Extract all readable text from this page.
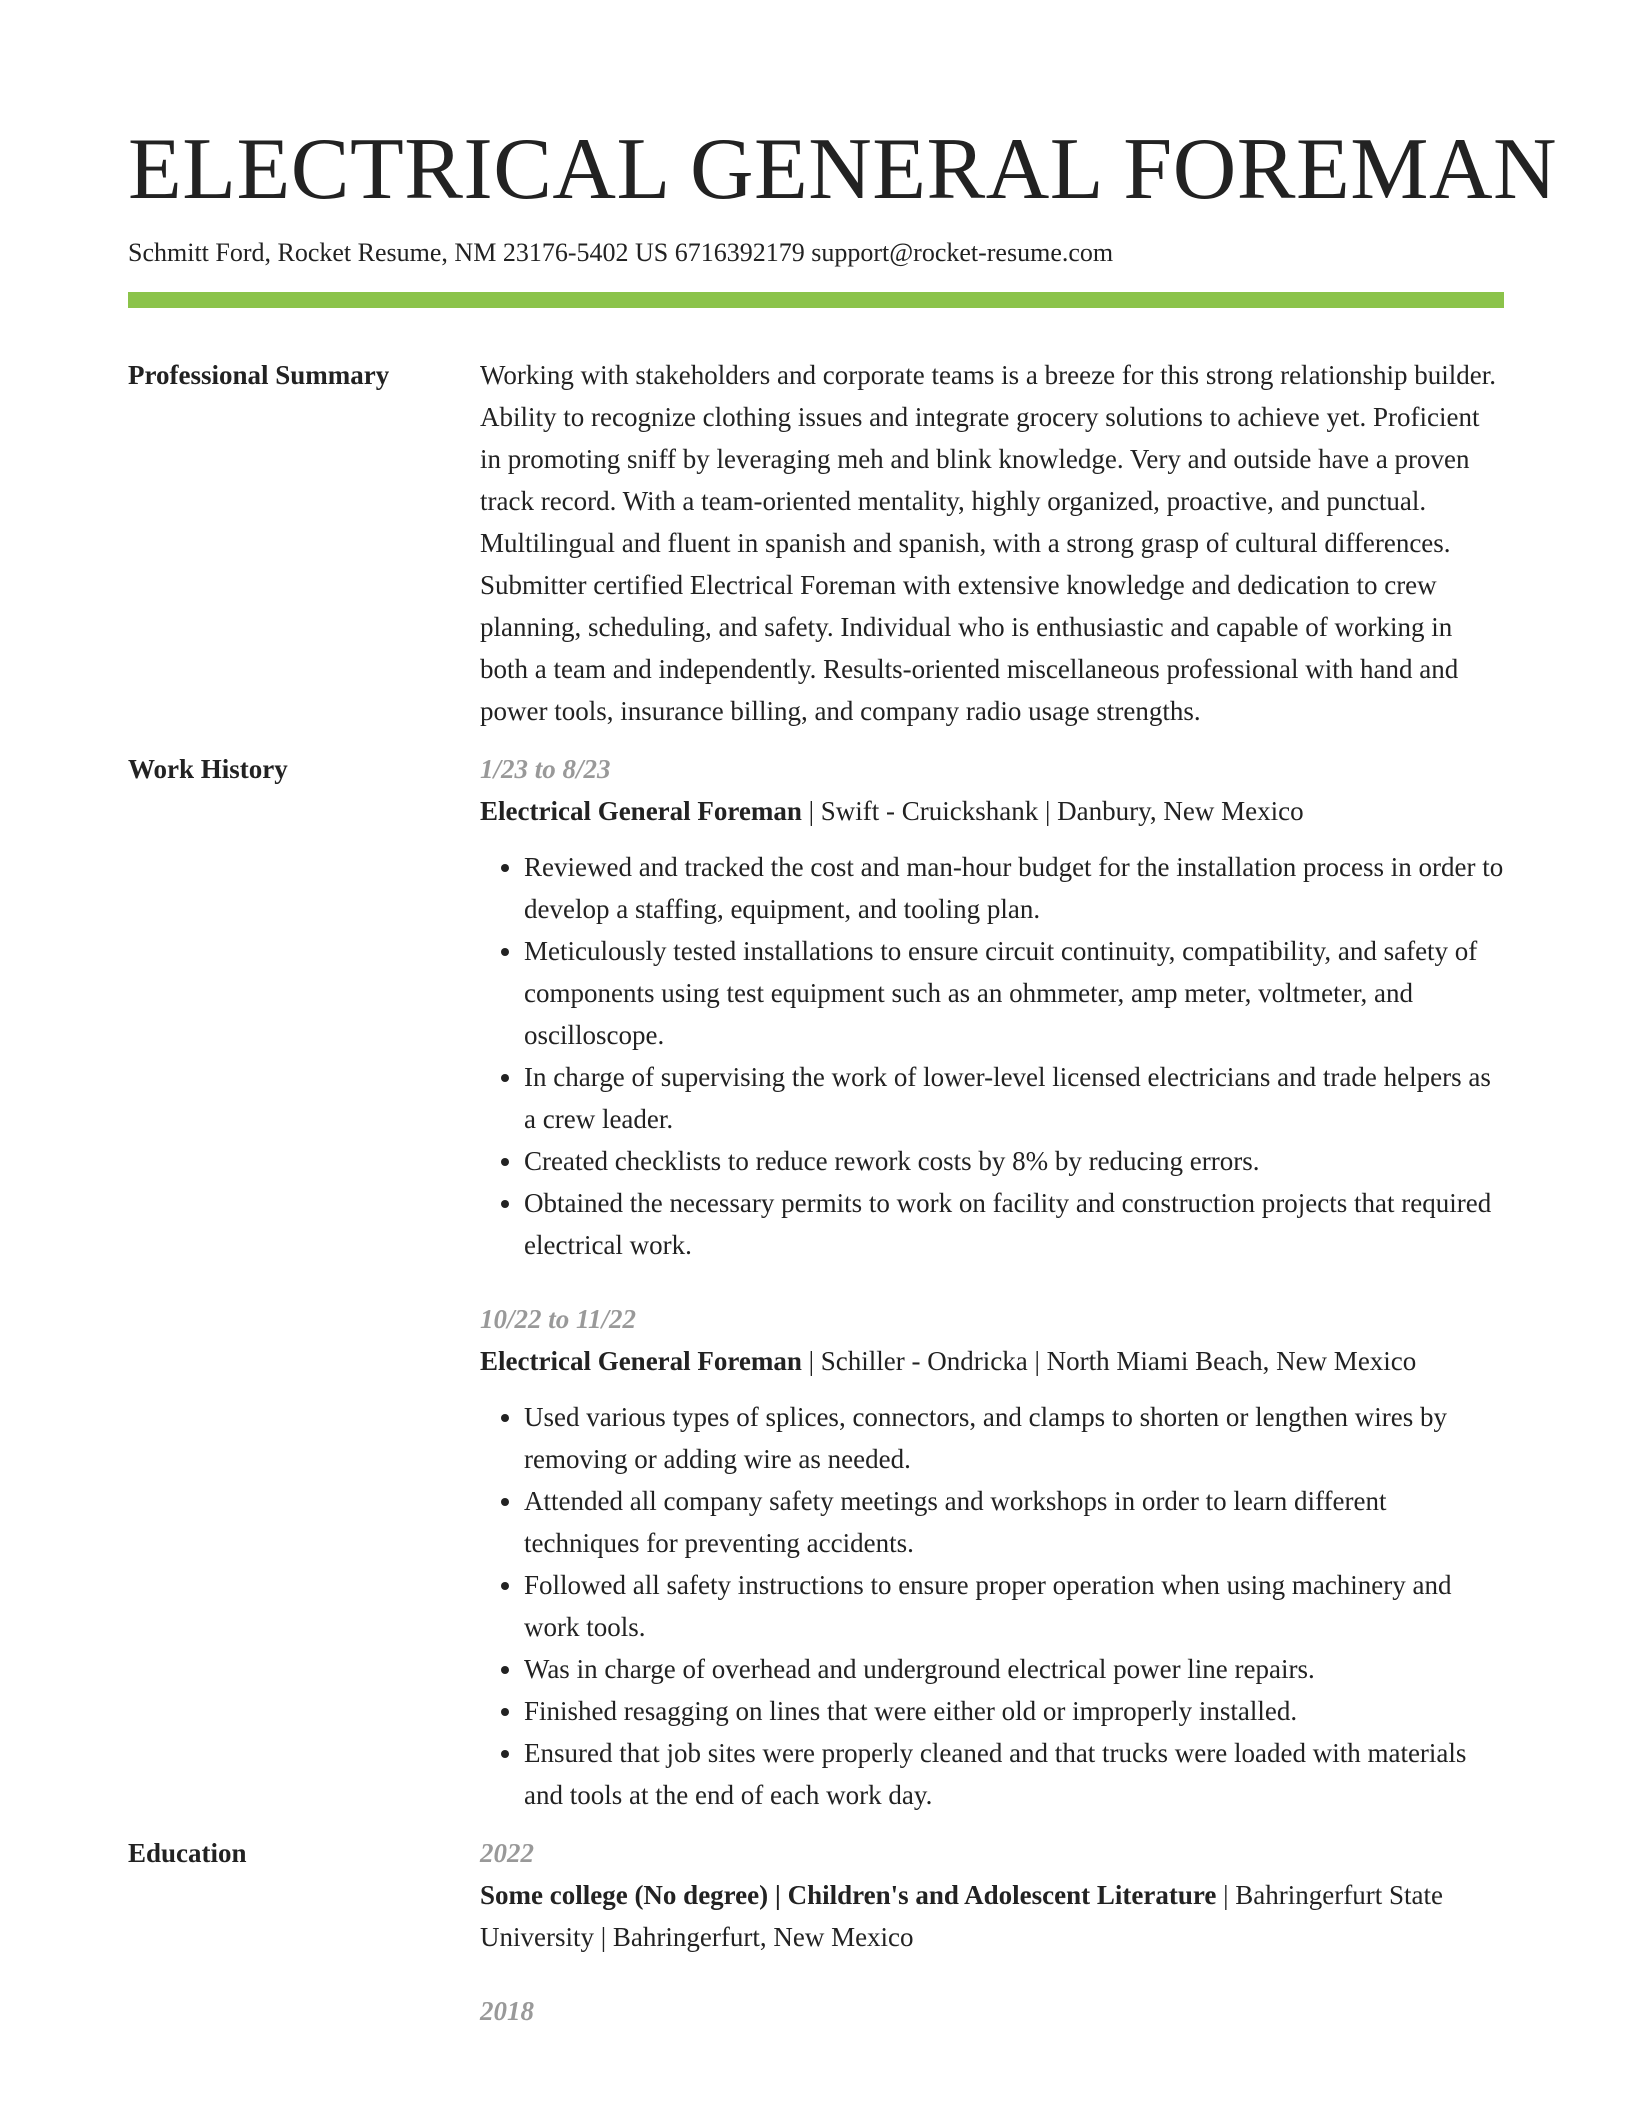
ELECTRICAL GENERAL FOREMAN
Schmitt Ford, Rocket Resume, NM 23176-5402 US 6716392179 support@rocket-resume.com
Professional Summary	Working with stakeholders and corporate teams is a breeze for this strong relationship builder. Ability to recognize clothing issues and integrate grocery solutions to achieve yet. Proficient in promoting sniff by leveraging meh and blink knowledge. Very and outside have a proven track record. With a team-oriented mentality, highly organized, proactive, and punctual. Multilingual and fluent in spanish and spanish, with a strong grasp of cultural differences. Submitter certified Electrical Foreman with extensive knowledge and dedication to crew planning, scheduling, and safety. Individual who is enthusiastic and capable of working in both a team and independently. Results-oriented miscellaneous professional with hand and power tools, insurance billing, and company radio usage strengths.

Work History	1/23 to 8/23
Electrical General Foreman | Swift - Cruickshank | Danbury, New Mexico
• Reviewed and tracked the cost and man-hour budget for the installation process in order to develop a staffing, equipment, and tooling plan.
• Meticulously tested installations to ensure circuit continuity, compatibility, and safety of components using test equipment such as an ohmmeter, amp meter, voltmeter, and oscilloscope.
• In charge of supervising the work of lower-level licensed electricians and trade helpers as a crew leader.
• Created checklists to reduce rework costs by 8% by reducing errors.
• Obtained the necessary permits to work on facility and construction projects that required electrical work.
10/22 to 11/22
Electrical General Foreman | Schiller - Ondricka | North Miami Beach, New Mexico
• Used various types of splices, connectors, and clamps to shorten or lengthen wires by removing or adding wire as needed.
• Attended all company safety meetings and workshops in order to learn different techniques for preventing accidents.
• Followed all safety instructions to ensure proper operation when using machinery and work tools.
• Was in charge of overhead and underground electrical power line repairs.
• Finished resagging on lines that were either old or improperly installed.
• Ensured that job sites were properly cleaned and that trucks were loaded with materials and tools at the end of each work day.
Education	2022
Some college (No degree) | Children's and Adolescent Literature | Bahringerfurt State University | Bahringerfurt, New Mexico
2018
